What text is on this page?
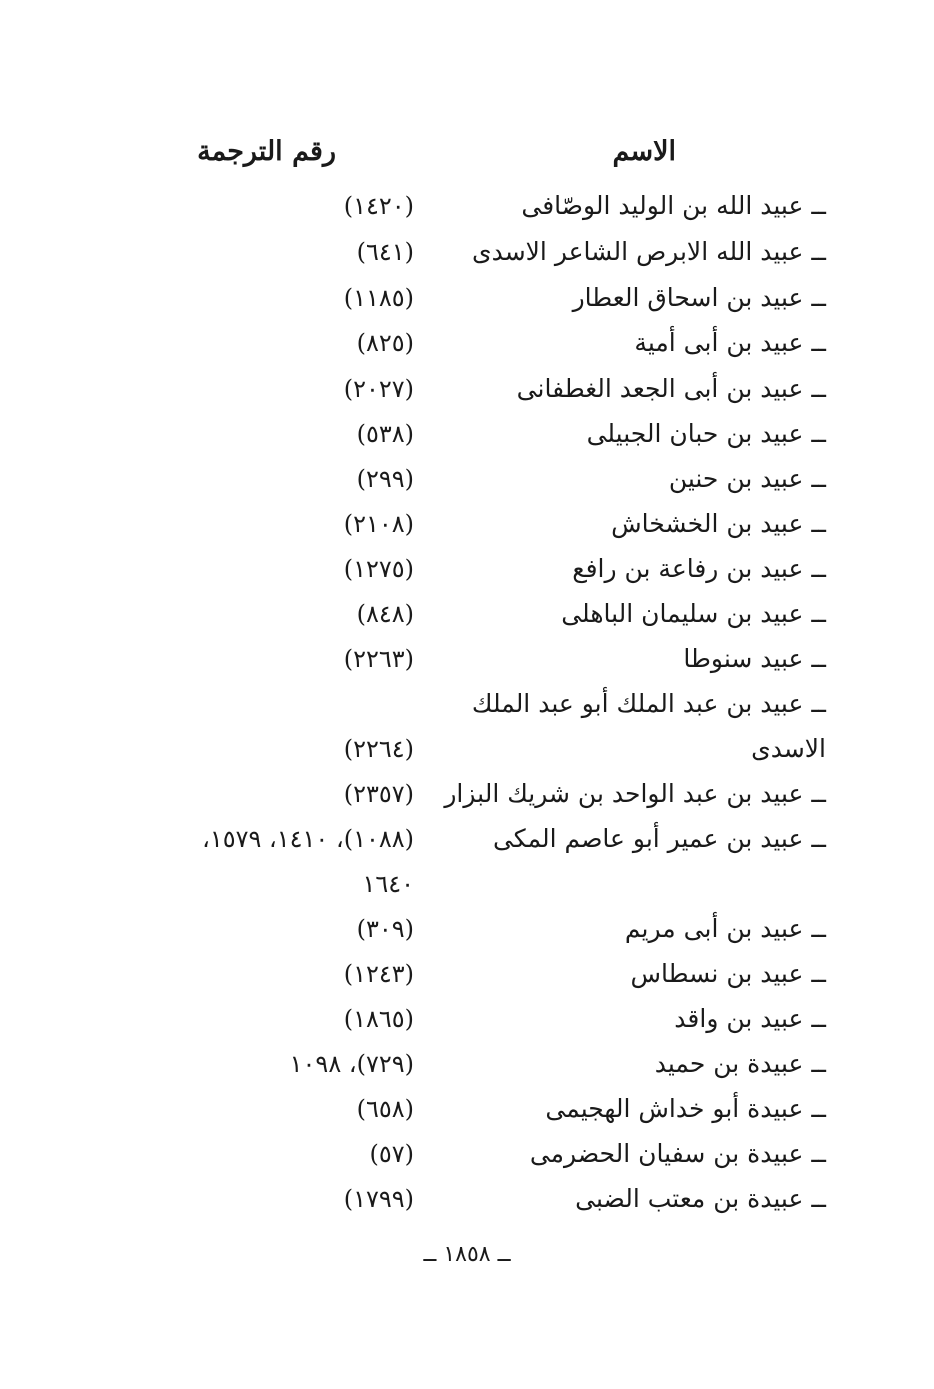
الاسم
رقم الترجمة
ــ عبيد الله بن الوليد الوصّافى
(١٤٢٠)
ــ عبيد الله الابرص الشاعر الاسدى
(٦٤١)
ــ عبيد بن اسحاق العطار
(١١٨٥)
ــ عبيد بن أبى أمية
(٨٢٥)
ــ عبيد بن أبى الجعد الغطفانى
(٢٠٢٧)
ــ عبيد بن حبان الجبيلى
(٥٣٨)
ــ عبيد بن حنين
(٢٩٩)
ــ عبيد بن الخشخاش
(٢١٠٨)
ــ عبيد بن رفاعة بن رافع
(١٢٧٥)
ــ عبيد بن سليمان الباهلى
(٨٤٨)
ــ عبيد سنوطا
(٢٢٦٣)
ــ عبيد بن عبد الملك أبو عبد الملك
الاسدى
(٢٢٦٤)
ــ عبيد بن عبد الواحد بن شريك البزار
(٢٣٥٧)
ــ عبيد بن عمير أبو عاصم المكى
(١٠٨٨)، ١٤١٠، ١٥٧٩،
١٦٤٠
ــ عبيد بن أبى مريم
(٣٠٩)
ــ عبيد بن نسطاس
(١٢٤٣)
ــ عبيد بن واقد
(١٨٦٥)
ــ عبيدة بن حميد
(٧٢٩)، ١٠٩٨
ــ عبيدة أبو خداش الهجيمى
(٦٥٨)
ــ عبيدة بن سفيان الحضرمى
(٥٧)
ــ عبيدة بن معتب الضبى
(١٧٩٩)
ــ ١٨٥٨ ــ
